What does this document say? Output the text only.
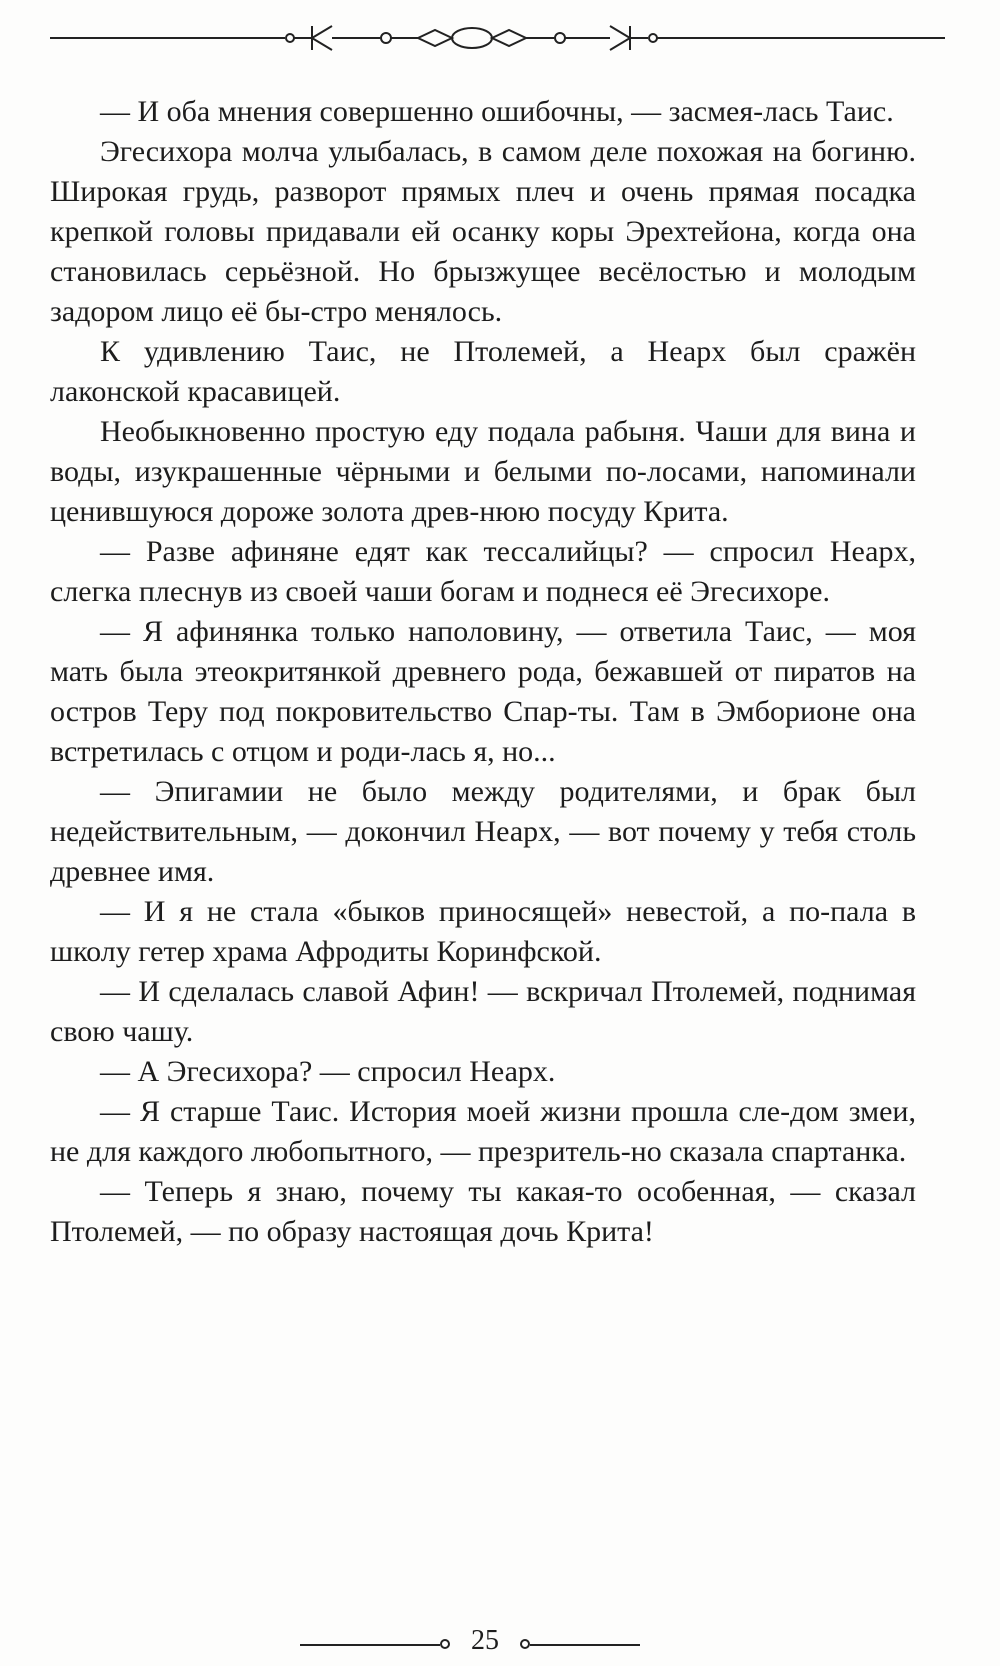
— И оба мнения совершенно ошибочны, — засмея-лась Таис.

Эгесихора молча улыбалась, в самом деле похожая на богиню. Широкая грудь, разворот прямых плеч и очень прямая посадка крепкой головы придавали ей осанку коры Эрехтейона, когда она становилась серьёзной. Но брызжущее весёлостью и молодым задором лицо её бы-стро менялось.

К удивлению Таис, не Птолемей, а Неарх был сражён лаконской красавицей.

Необыкновенно простую еду подала рабыня. Чаши для вина и воды, изукрашенные чёрными и белыми по-лосами, напоминали ценившуюся дороже золота древ-нюю посуду Крита.

— Разве афиняне едят как тессалийцы? — спросил Неарх, слегка плеснув из своей чаши богам и поднеся её Эгесихоре.

— Я афинянка только наполовину, — ответила Таис, — моя мать была этеокритянкой древнего рода, бежавшей от пиратов на остров Теру под покровительство Спар-ты. Там в Эмборионе она встретилась с отцом и роди-лась я, но...

— Эпигамии не было между родителями, и брак был недействительным, — докончил Неарх, — вот почему у тебя столь древнее имя.

— И я не стала «быков приносящей» невестой, а по-пала в школу гетер храма Афродиты Коринфской.

— И сделалась славой Афин! — вскричал Птолемей, поднимая свою чашу.

— А Эгесихора? — спросил Неарх.

— Я старше Таис. История моей жизни прошла сле-дом змеи, не для каждого любопытного, — презритель-но сказала спартанка.

— Теперь я знаю, почему ты какая-то особенная, — сказал Птолемей, — по образу настоящая дочь Крита!

25
